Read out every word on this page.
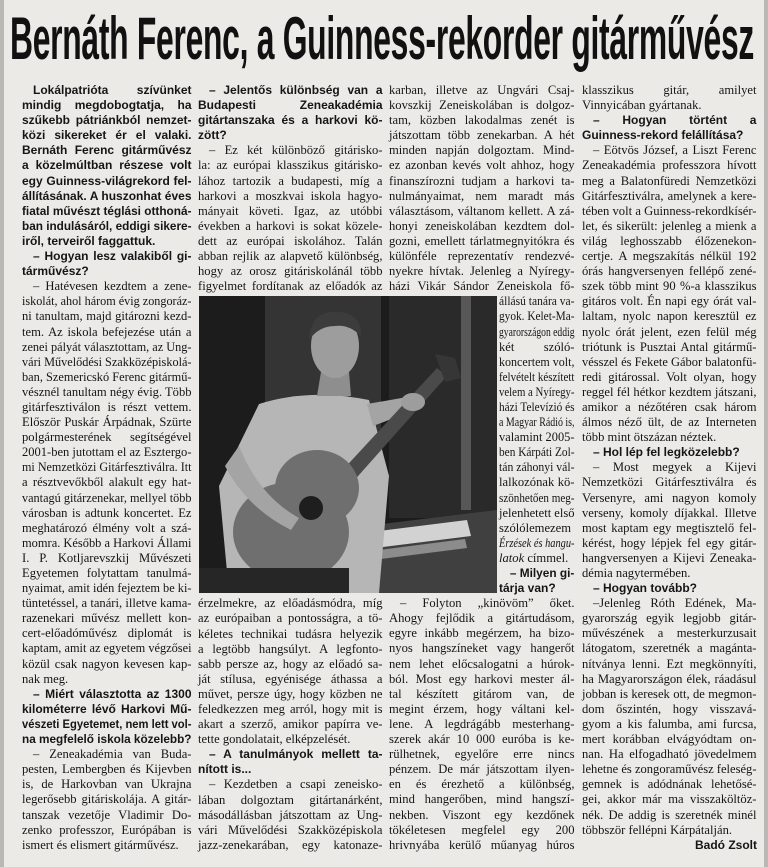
Bernáth Ferenc, a Guinness-rekorder gitárművész
Lokálpatrióta szívünket
mindig megdobogtatja, ha
szűkebb pátriánkból nemzet-
közi sikereket ér el valaki.
Bernáth Ferenc gitárművész
a közelmúltban részese volt
egy Guinness-világrekord fel-
állításának. A huszonhat éves
fiatal művészt téglási otthoná-
ban indulásáról, eddigi sikere-
iről, terveiről faggattuk.
– Hogyan lesz valakiből gi-
tárművész?
– Hatévesen kezdtem a zene-
iskolát, ahol három évig zongoráz-
ni tanultam, majd gitározni kezd-
tem. Az iskola befejezése után a
zenei pályát választottam, az Ung-
vári Művelődési Szakközépiskolá-
ban, Szemericskó Ferenc gitármű-
vésznél tanultam négy évig. Több
gitárfesztiválon is részt vettem.
Először Puskár Árpádnak, Szürte
polgármesterének segítségével
2001-ben jutottam el az Esztergo-
mi Nemzetközi Gitárfesztiválra. Itt
a résztvevőkből alakult egy hat-
vantagú gitárzenekar, mellyel több
városban is adtunk koncertet. Ez
meghatározó élmény volt a szá-
momra. Később a Harkovi Állami
I. P. Kotljarevszkij Művészeti
Egyetemen folytattam tanulmá-
nyaimat, amit idén fejeztem be ki-
tüntetéssel, a tanári, illetve kama-
razenekari művész mellett kon-
cert-előadóművész diplomát is
kaptam, amit az egyetem végzősei
közül csak nagyon kevesen kap-
nak meg.
– Miért választotta az 1300
kilométerre lévő Harkovi Mű-
vészeti Egyetemet, nem lett vol-
na megfelelő iskola közelebb?
– Zeneakadémia van Buda-
pesten, Lembergben és Kijevben
is, de Harkovban van Ukrajna
legerősebb gitáriskolája. A gitár-
tanszak vezetője Vladimir Do-
zenko professzor, Európában is
ismert és elismert gitárművész.
– Jelentős különbség van a
Budapesti Zeneakadémia
gitártanszaka és a harkovi kö-
zött?
– Ez két különböző gitárisko-
la: az európai klasszikus gitárisko-
lához tartozik a budapesti, míg a
harkovi a moszkvai iskola hagyo-
mányait követi. Igaz, az utóbbi
években a harkovi is sokat közele-
dett az európai iskolához. Talán
abban rejlik az alapvető különbség,
hogy az orosz gitáriskolánál több
figyelmet fordítanak az előadók az
érzelmekre, az előadásmódra, míg
az európaiban a pontosságra, a tö-
kéletes technikai tudásra helyezik
a legtöbb hangsúlyt. A legfonto-
sabb persze az, hogy az előadó sa-
ját stílusa, egyénisége áthassa a
művet, persze úgy, hogy közben ne
feledkezzen meg arról, hogy mit is
akart a szerző, amikor papírra ve-
tette gondolatait, elképzelését.
– A tanulmányok mellett ta-
nított is...
– Kezdetben a csapi zeneisko-
lában dolgoztam gitártanárként,
másodállásban játszottam az Ung-
vári Művelődési Szakközépiskola
jazz-zenekarában, egy katonaze-
karban, illetve az Ungvári Csaj-
kovszkij Zeneiskolában is dolgoz-
tam, közben lakodalmas zenét is
játszottam több zenekarban. A hét
minden napján dolgoztam. Mind-
ez azonban kevés volt ahhoz, hogy
finanszírozni tudjam a harkovi ta-
nulmányaimat, nem maradt más
választásom, váltanom kellett. A zá-
honyi zeneiskolában kezdtem dol-
gozni, emellett tárlatmegnyitókra és
különféle reprezentatív rendezvé-
nyekre hívtak. Jelenleg a Nyíregy-
házi Vikár Sándor Zeneiskola fő-
állású tanára va-
gyok. Kelet-Ma-
gyarországon eddig
két szóló-
koncertem volt,
felvételt készített
velem a Nyíregy-
házi Televízió és
a Magyar Rádió is,
valamint 2005-
ben Kárpáti Zol-
tán záhonyi vál-
lalkozónak kö-
szönhetően meg-
jelenhetett első
szólólemezem
Érzések és hangu-
latok címmel.
– Milyen gi-
tárja van?
– Folyton „kinövöm” őket.
Ahogy fejlődik a gitártudásom,
egyre inkább megérzem, ha bizo-
nyos hangszíneket vagy hangerőt
nem lehet előcsalogatni a húrok-
ból. Most egy harkovi mester ál-
tal készített gitárom van, de
megint érzem, hogy váltani kel-
lene. A legdrágább mesterhang-
szerek akár 10 000 euróba is ke-
rülhetnek, egyelőre erre nincs
pénzem. De már játszottam ilyen-
en és érezhető a különbség,
mind hangerőben, mind hangszí-
nekben. Viszont egy kezdőnek
tökéletesen megfelel egy 200
hrivnyába kerülő műanyag húros
klasszikus gitár, amilyet
Vinnyicában gyártanak.
– Hogyan történt a
Guinness-rekord felállítása?
– Eötvös József, a Liszt Ferenc
Zeneakadémia professzora hívott
meg a Balatonfüredi Nemzetközi
Gitárfesztiválra, amelynek a kere-
tében volt a Guinness-rekordkísér-
let, és sikerült: jelenleg a mienk a
világ leghosszabb élőzenekon-
certje. A megszakítás nélkül 192
órás hangversenyen fellépő zené-
szek több mint 90 %-a klasszikus
gitáros volt. Én napi egy órát val-
laltam, nyolc napon keresztül ez
nyolc órát jelent, ezen felül még
triótunk is Pusztai Antal gitármű-
vésszel és Fekete Gábor balatonfü-
redi gitárossal. Volt olyan, hogy
reggel fél hétkor kezdtem játszani,
amikor a nézőtéren csak három
álmos néző ült, de az Interneten
több mint ötszázan néztek.
– Hol lép fel legközelebb?
– Most megyek a Kijevi
Nemzetközi Gitárfesztiválra és
Versenyre, ami nagyon komoly
verseny, komoly díjakkal. Illetve
most kaptam egy megtisztelő fel-
kérést, hogy lépjek fel egy gitár-
hangversenyen a Kijevi Zeneaka-
démia nagytermében.
– Hogyan tovább?
–Jelenleg Róth Edének, Ma-
gyarország egyik legjobb gitár-
művészének a mesterkurzusait
látogatom, szeretnék a magánta-
nítványa lenni. Ezt megkönnyíti,
ha Magyarországon élek, ráadásul
jobban is keresek ott, de megmon-
dom őszintén, hogy visszavá-
gyom a kis falumba, ami furcsa,
mert korábban elvágyódtam on-
nan. Ha elfogadható jövedelmem
lehetne és zongoraművész feleség-
gemnek is adódnának lehetősé-
gei, akkor már ma visszaköltöz-
nék. De addig is szeretnék minél
többször fellépni Kárpátalján.
Badó Zsolt
